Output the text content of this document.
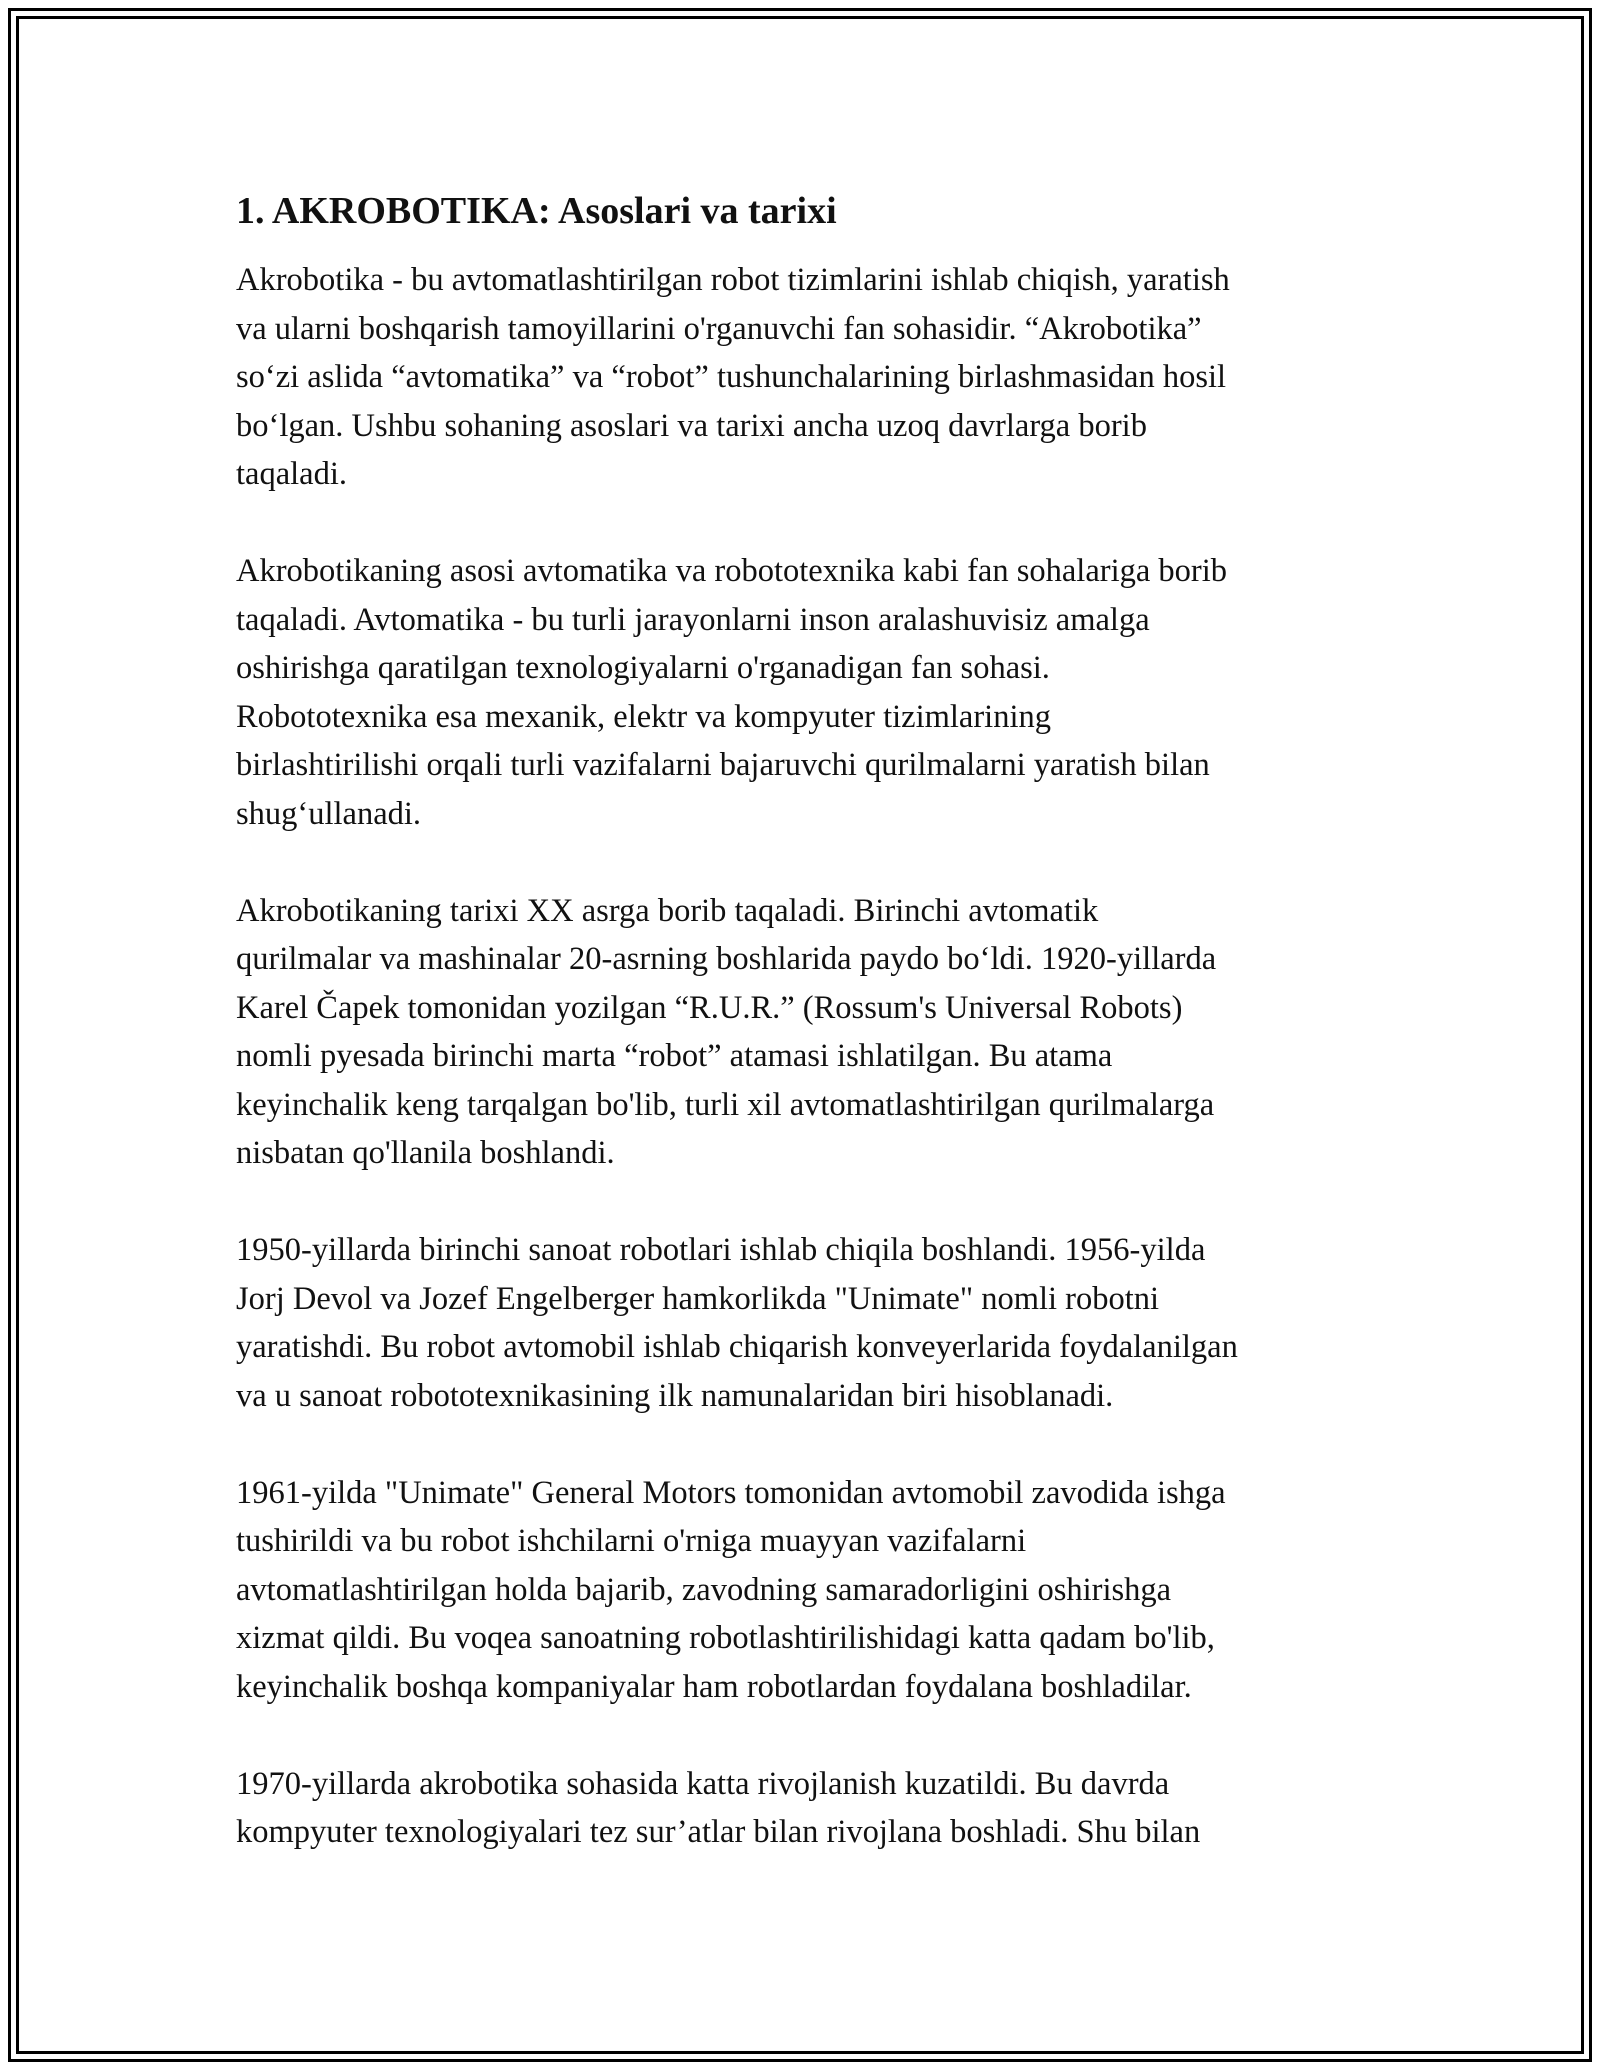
1. AKROBOTIKA: Asoslari va tarixi

Akrobotika - bu avtomatlashtirilgan robot tizimlarini ishlab chiqish, yaratish
va ularni boshqarish tamoyillarini o'rganuvchi fan sohasidir. “Akrobotika”
so‘zi aslida “avtomatika” va “robot” tushunchalarining birlashmasidan hosil
bo‘lgan. Ushbu sohaning asoslari va tarixi ancha uzoq davrlarga borib
taqaladi.

Akrobotikaning asosi avtomatika va robototexnika kabi fan sohalariga borib
taqaladi. Avtomatika - bu turli jarayonlarni inson aralashuvisiz amalga
oshirishga qaratilgan texnologiyalarni o'rganadigan fan sohasi.
Robototexnika esa mexanik, elektr va kompyuter tizimlarining
birlashtirilishi orqali turli vazifalarni bajaruvchi qurilmalarni yaratish bilan
shug‘ullanadi.

Akrobotikaning tarixi XX asrga borib taqaladi. Birinchi avtomatik
qurilmalar va mashinalar 20-asrning boshlarida paydo bo‘ldi. 1920-yillarda
Karel Čapek tomonidan yozilgan “R.U.R.” (Rossum's Universal Robots)
nomli pyesada birinchi marta “robot” atamasi ishlatilgan. Bu atama
keyinchalik keng tarqalgan bo'lib, turli xil avtomatlashtirilgan qurilmalarga
nisbatan qo'llanila boshlandi.

1950-yillarda birinchi sanoat robotlari ishlab chiqila boshlandi. 1956-yilda
Jorj Devol va Jozef Engelberger hamkorlikda "Unimate" nomli robotni
yaratishdi. Bu robot avtomobil ishlab chiqarish konveyerlarida foydalanilgan
va u sanoat robototexnikasining ilk namunalaridan biri hisoblanadi.

1961-yilda "Unimate" General Motors tomonidan avtomobil zavodida ishga
tushirildi va bu robot ishchilarni o'rniga muayyan vazifalarni
avtomatlashtirilgan holda bajarib, zavodning samaradorligini oshirishga
xizmat qildi. Bu voqea sanoatning robotlashtirilishidagi katta qadam bo'lib,
keyinchalik boshqa kompaniyalar ham robotlardan foydalana boshladilar.

1970-yillarda akrobotika sohasida katta rivojlanish kuzatildi. Bu davrda
kompyuter texnologiyalari tez sur’atlar bilan rivojlana boshladi. Shu bilan
